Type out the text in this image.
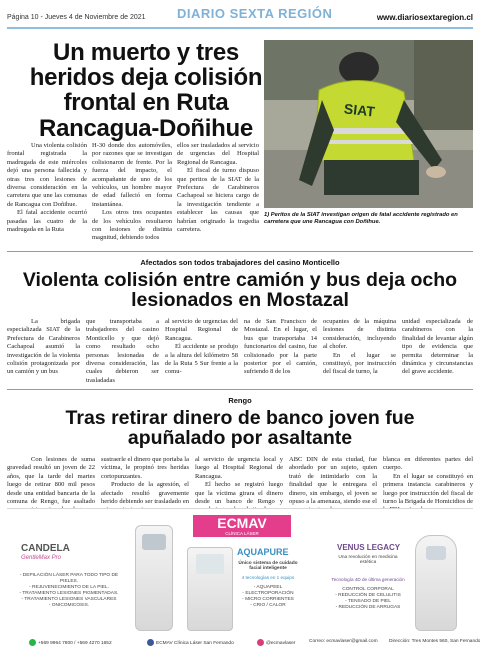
Página 10 - Jueves 4 de Noviembre de 2021 DIARIO SEXTA REGIÓN	www.diariosextaregion.cl
Un muerto y tres heridos deja colisión frontal en Ruta Rancagua-Doñihue

Una violenta colisión frontal registrada la madrugada de este miércoles dejó una persona fallecida y otras tres con lesiones de diversa consideración en la carretera que une las comunas de Rancagua con Doñihue.

El fatal accidente ocurrió pasadas las cuatro de la madrugada en la Ruta

H-30 donde dos automóviles, por razones que se investigan colisionaron de frente. Por la fuerza del impacto, el acompañante de uno de los vehículos, un hombre mayor de edad falleció en forma instantánea.

Los otros tres ocupantes de los vehículos resultaron con lesiones de distinta magnitud, debiendo todos

ellos ser trasladados al servicio de urgencias del Hospital Regional de Rancagua.

El fiscal de turno dispuso que peritos de la SIAT de la Prefectura de Carabineros Cachapoal se hiciera cargo de la investigación tendiente a establecer las causas que habrían originado la tragedia carretera.

SIAT

1) Peritos de la SIAT investigan origen de fatal accidente registrado en carretera que une Rancagua con Doñihue.

Afectados son todos trabajadores del casino Monticello

Violenta colisión entre camión y bus deja ocho lesionados en Mostazal

La brigada especializada SIAT de la Prefectura de Carabineros Cachapoal asumió la investigación de la violenta colisión protagonizada por un camión y un bus

que transportaba a trabajadores del casino Monticello y que dejó como resultado ocho personas lesionadas de diversa consideración, las cuales debieron ser trasladadas

al servicio de urgencias del Hospital Regional de Rancagua.

El accidente se produjo a la altura del kilómetro 58 de la Ruta 5 Sur frente a la comu-

na de San Francisco de Mostazal. En el lugar, el bus que transportaba 14 funcionarios del casino, fue colisionado por la parte posterior por el camión, sufriendo 8 de los

ocupantes de la máquina lesiones de distinta consideración, incluyendo al chofer.

En el lugar se constituyó, por instrucción del fiscal de turno, la

unidad especializada de carabineros con la finalidad de levantar algún tipo de evidencia que permita determinar la dinámica y circunstancias del grave accidente.

Rengo

Tras retirar dinero de banco joven fue apuñalado por asaltante

Con lesiones de suma gravedad resultó un joven de 22 años, que la tarde del martes luego de retirar 800 mil pesos desde una entidad bancaria de la comuna de Rengo, fue asaltado

sustraerle el dinero que portaba la víctima, le propinó tres heridas cortopunzantes.

Producto de la agresión, el afectado resultó gravemente herido debiendo ser trasladado en

al servicio de urgencia local y luego al Hospital Regional de Rancagua.

El hecho se registró luego que la víctima girara el dinero desde un banco de Rengo y

ABC DIN de esta ciudad, fue abordado por un sujeto, quien trató de intimidarlo con la finalidad que le entregara el dinero, sin embargo, el joven se opuso a la amenaza, siendo ese el

blanca en diferentes partes del cuerpo.

En el lugar se constituyó en primera instancia carabineros y luego por instrucción del fiscal de turno la Brigada de Homicidios de

ECMAV
CLÍNICA LÁSER
CANDELA
GentleMax Pro
- DEPILACIÓN LÁSER PARA TODO TIPO DE PIELES.
- REJUVENECIMIENTO DE LA PIEL.
- TRATAMIENTO LESIONES PIGMENTADAS.
- TRATAMIENTO LESIONES VASCULARES
- ONICOMICOSIS.
AQUAPURE
Único sistema de cuidado facial inteligente
4 tecnologías en 1 equipo
- AQUAPEEL
- ELECTROPORACIÓN
- MICRO CORRIENTES
- CRIO / CALOR
VENUS LEGACY
Una revolución en medicina estética
Tecnología 4D de última generación
CONTROL CORPORAL
- REDUCCIÓN DE CELULITIS
- TENSADO DE PIEL
- REDUCCIÓN DE ARRUGAS
+569 9964 7800 / +569 4270 1652	ECMAV Clínica Láser San Fernando	@ecmavlaser	Correo: ecmavlaser@gmail.com Dirección: Tres Montes 560, San Fernando
